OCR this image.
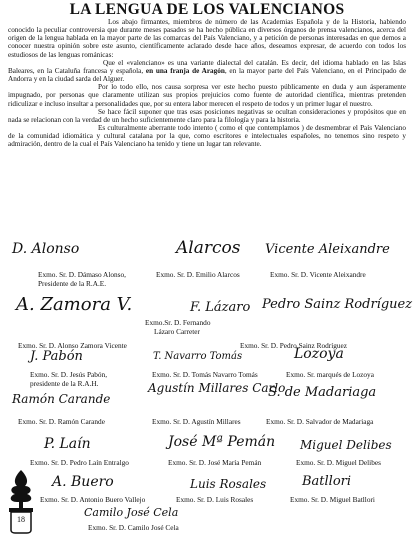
LA LENGUA DE LOS VALENCIANOS

Los abajo firmantes, miembros de número de las Academias Española y de la Historia, habiendo conocido la peculiar controversia que durante meses pasados se ha hecho pública en diversos órganos de prensa valencianos, acerca del origen de la lengua hablada en la mayor parte de las comarcas del País Valenciano, y a petición de personas interesadas en que demos a conocer nuestra opinión sobre este asunto, científicamente aclarado desde hace años, deseamos expresar, de acuerdo con todos los estudiosos de las lenguas románicas:

Que el «valenciano» es una variante dialectal del catalán. Es decir, del idioma hablado en las Islas Baleares, en la Cataluña francesa y española, en una franja de Aragón, en la mayor parte del País Valenciano, en el Principado de Andorra y en la ciudad sarda del Alguer.

Por lo todo ello, nos causa sorpresa ver este hecho puesto públicamente en duda y aun ásperamente impugnado, por personas que claramente utilizan sus propios prejuicios como fuente de autoridad científica, mientras pretenden ridiculizar e incluso insultar a personalidades que, por su entera labor merecen el respeto de todos y un primer lugar el nuestro.

Se hace fácil suponer que tras esas posiciones negativas se ocultan consideraciones y propósitos que en nada se relacionan con la verdad de un hecho suficientemente claro para la filología y para la historia.

Es culturalmente aberrante todo intento ( como el que contemplamos ) de desmembrar el País Valenciano de la comunidad idiomática y cultural catalana por la que, como escritores e intelectuales españoles, no tenemos sino respeto y admiración, dentro de la cual el País Valenciano ha tenido y tiene un lugar tan relevante.

D. Alonso	Alarcos Vicente Aleixandre
F. Lázaro
A. Zamora V.	Pedro Sainz Rodríguez
J. Pabón	T. Navarro Tomás	Lozoya
Agustín Millares Carlo
S. de Madariaga
Ramón Carande
José Mª Pemán Miguel Delibes
P. Laín
Luis Rosales	Batllori
A. Buero
Camilo José Cela
Exmo. Sr. D. Dámaso Alonso,
Presidente de la R.A.E.
Exmo. Sr. D. Emilio Alarcos	Exmo. Sr. D. Vicente Aleixandre
Exmo.Sr. D. Fernando
Lázaro Carreter
Exmo. Sr. D. Alonso Zamora Vicente	Exmo. Sr. D. Pedro Sainz Rodríguez
Exmo. Sr. D. Jesús Pabón,
presidente de la R.A.H.
Exmo. Sr. D. Tomás Navarro Tomás	Exmo. Sr. marqués de Lozoya
Exmo. Sr. D. Ramón Carande	Exmo. Sr. D. Agustín Millares	Exmo. Sr. D. Salvador de Madariaga
Exmo. Sr. D. Pedro Laín Entralgo	Exmo. Sr. D. José María Pemán	Exmo. Sr. D. Miguel Delibes
Exmo. Sr. D. Antonio Buero Vallejo	Exmo. Sr. D. Luis Rosales	Exmo. Sr. D. Miguel Batllori
Exmo. Sr. D. Camilo José Cela
18
